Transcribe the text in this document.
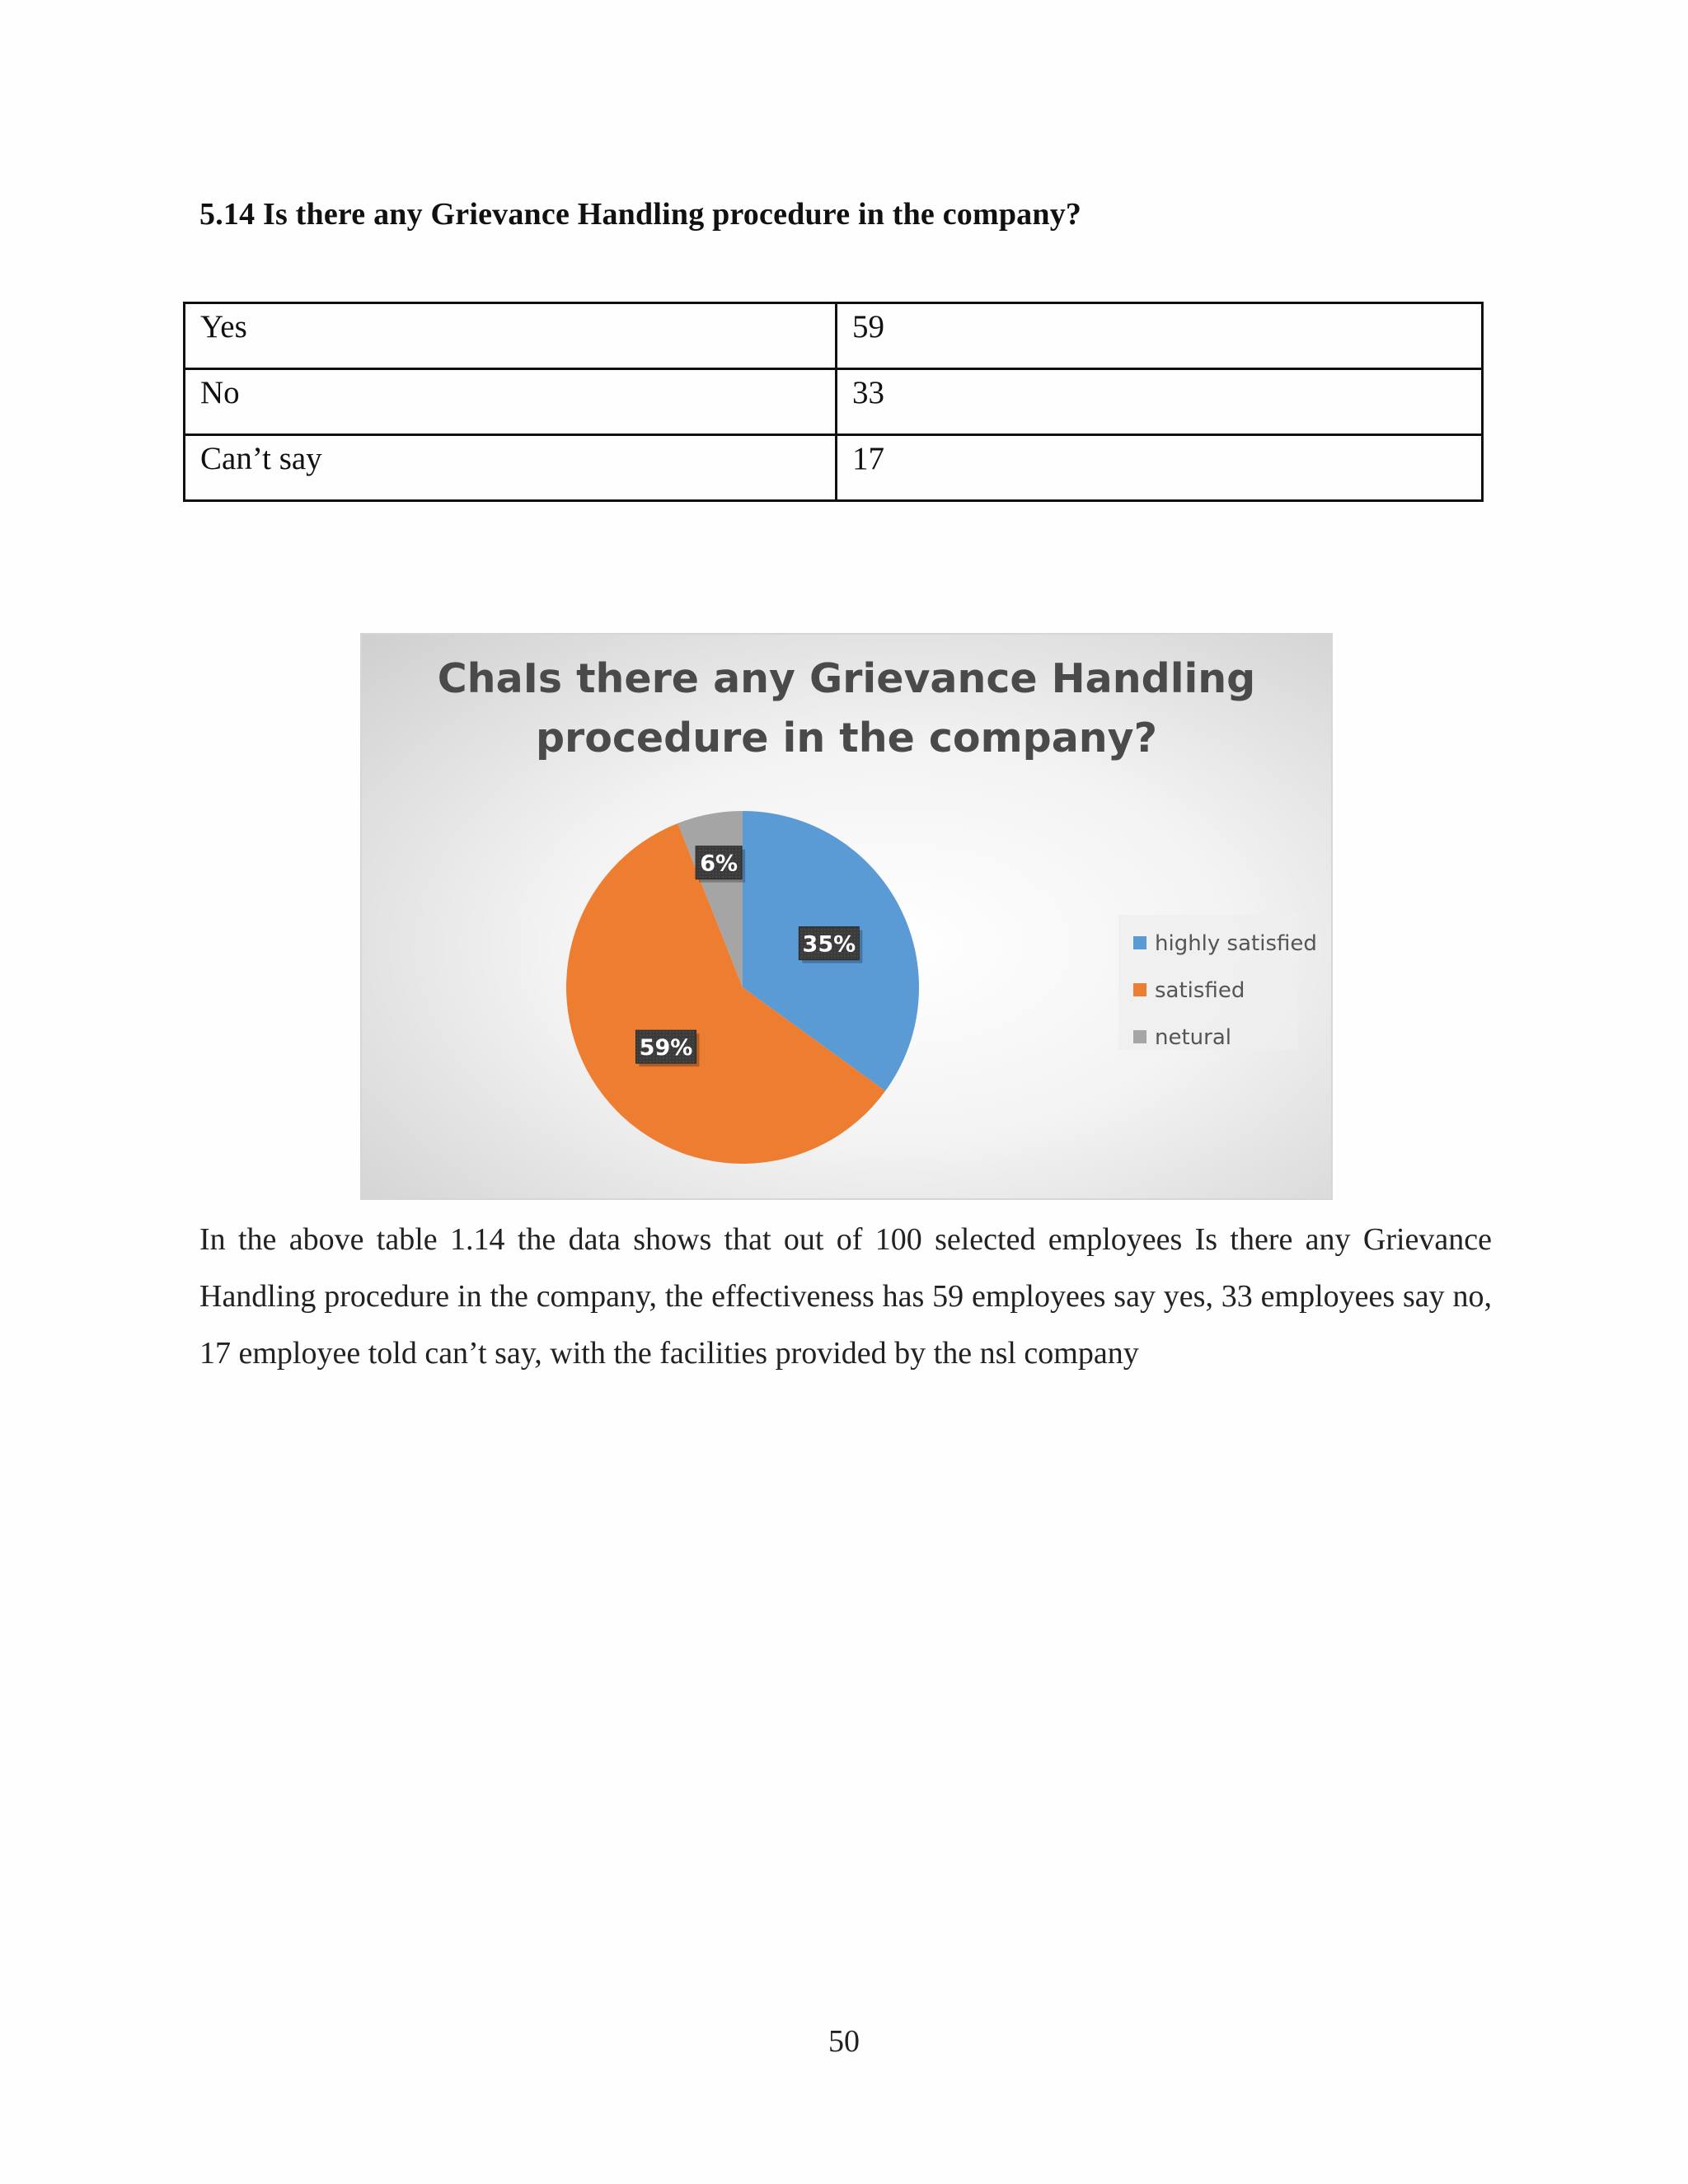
5.14 Is there any Grievance Handling procedure in the company?
Yes	59
No	33
Can’t say	17
ChaIs there any Grievance Handling
procedure in the company?
35%
59%
6%
highly satisfied
satisfied
netural

In the above table 1.14 the data shows that out of 100 selected employees Is there any Grievance Handling procedure in the company, the effectiveness has 59 employees say yes, 33 employees say no, 17 employee told can’t say, with the facilities provided by the nsl company

50
